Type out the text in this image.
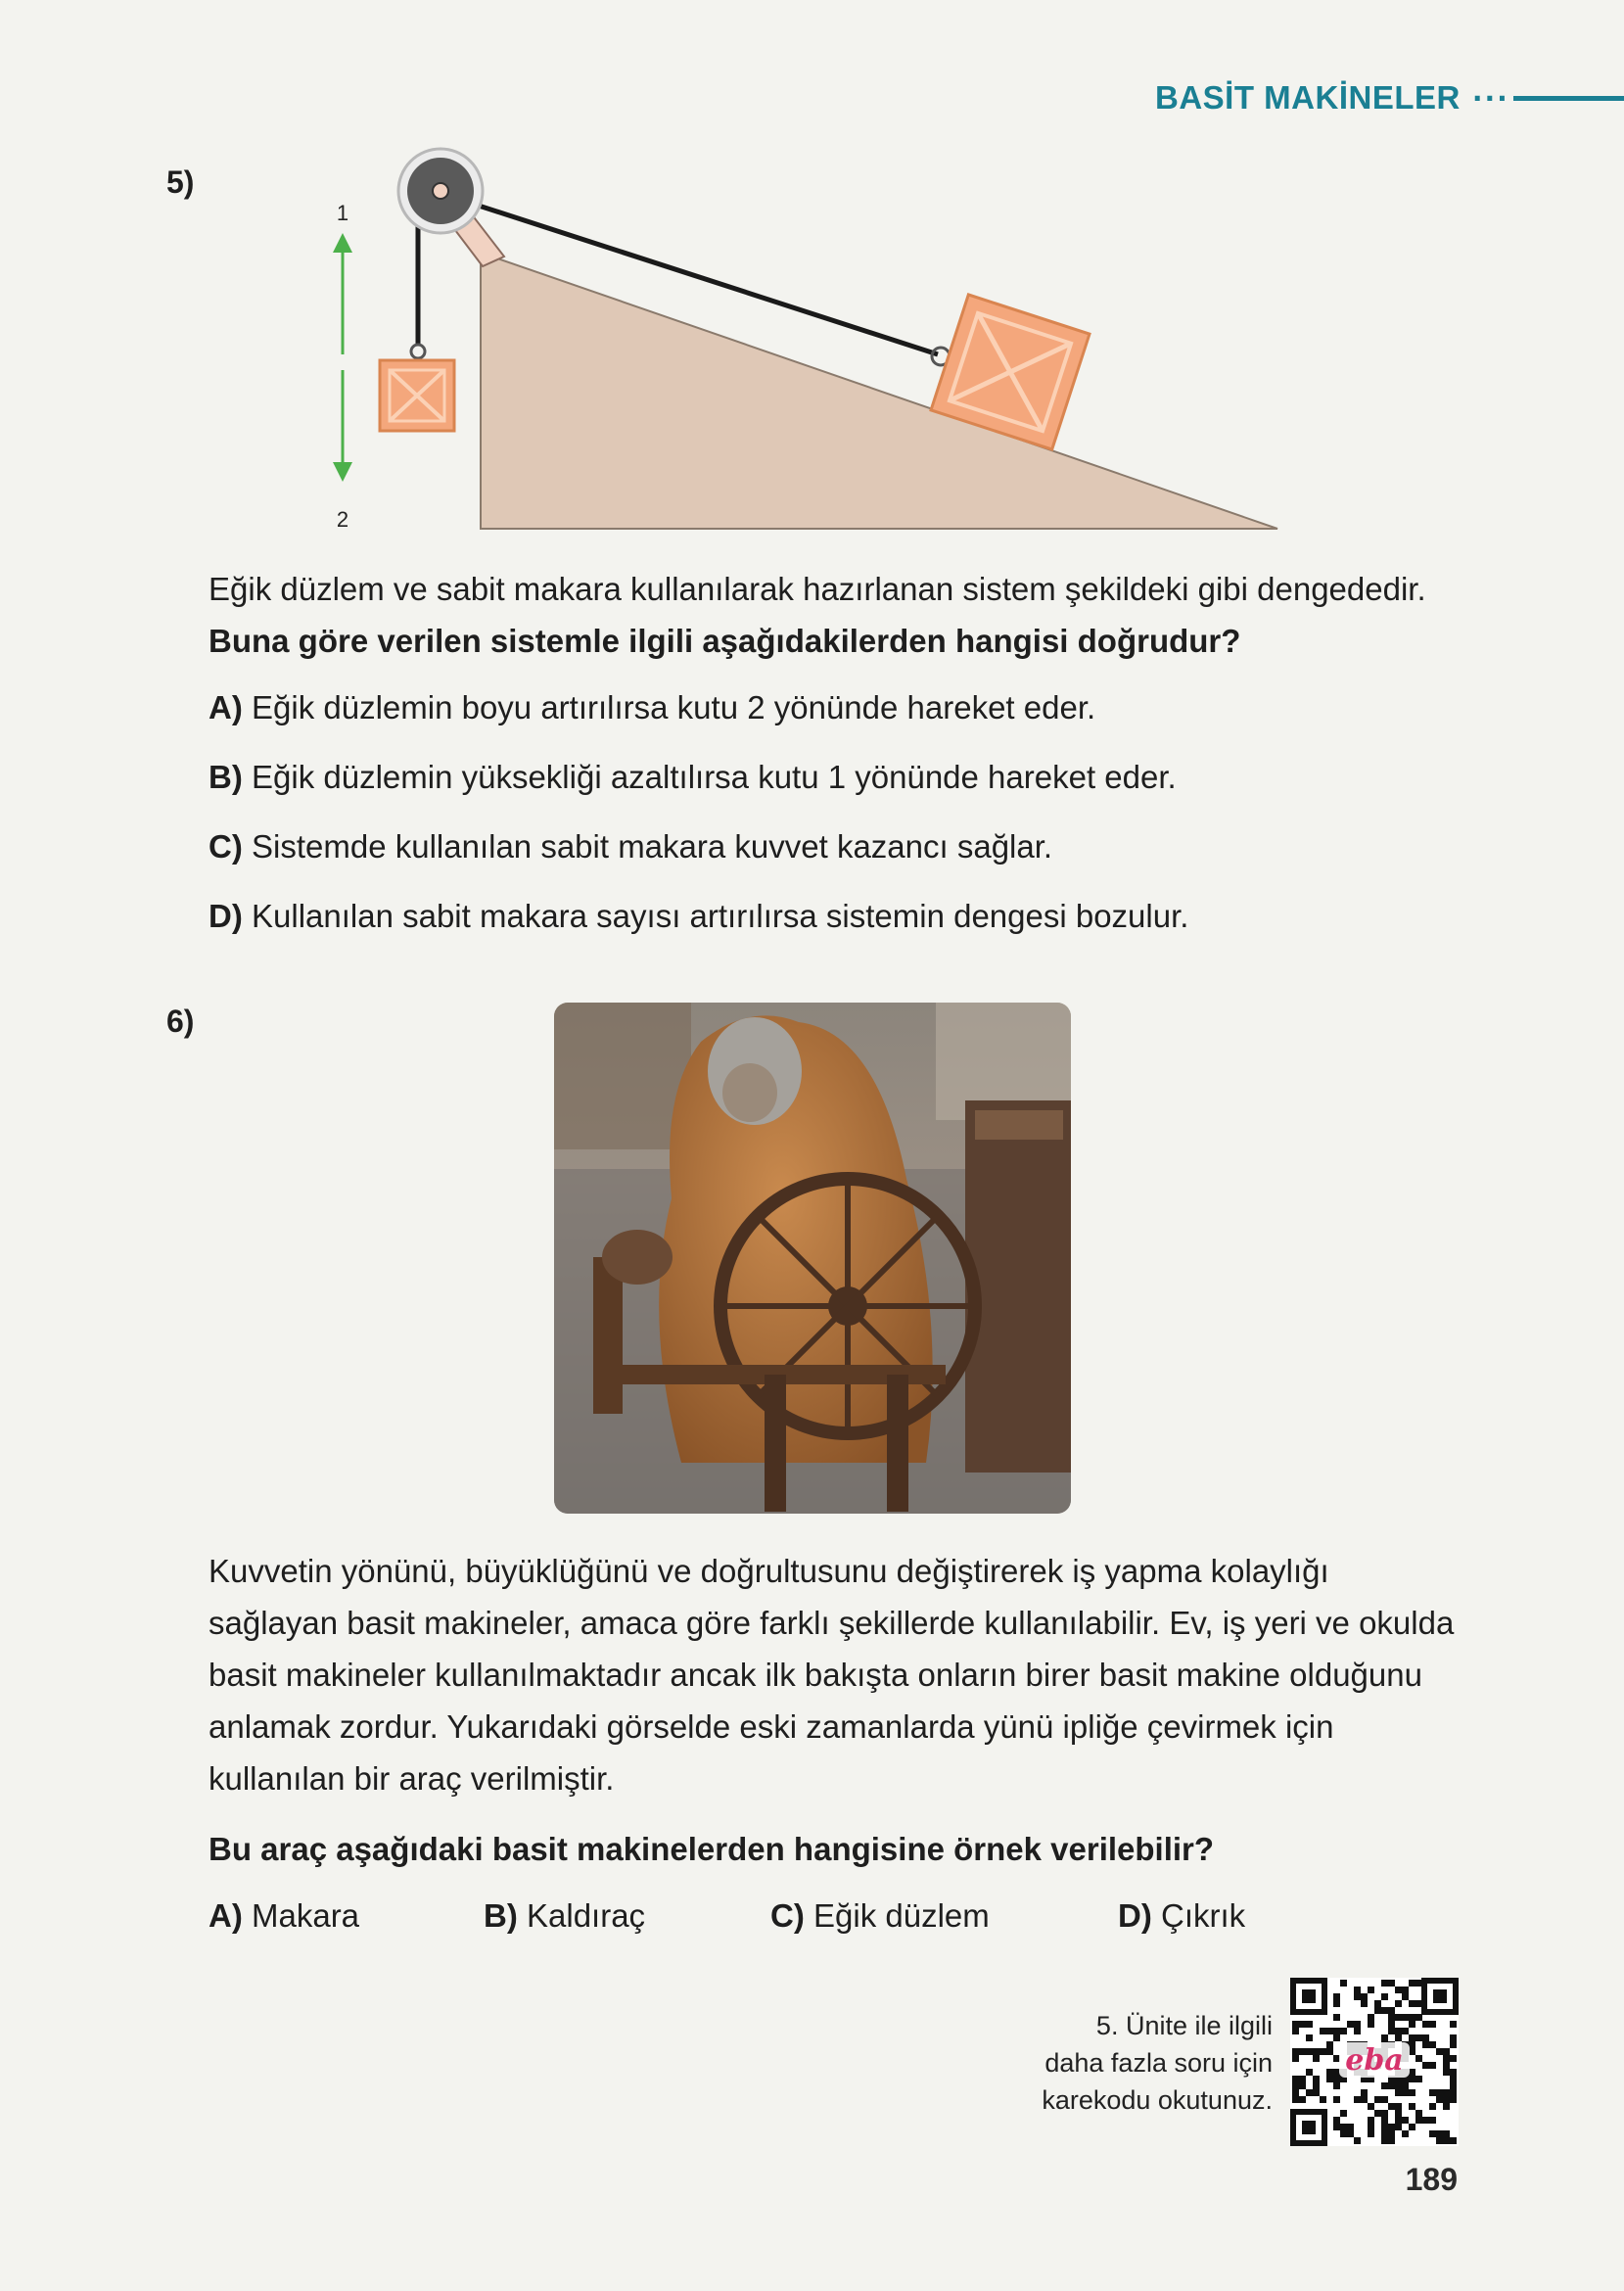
BASİT MAKİNELER ···
5)
1
2
Eğik düzlem ve sabit makara kullanılarak hazırlanan sistem şekildeki gibi dengededir.
Buna göre verilen sistemle ilgili aşağıdakilerden hangisi doğrudur?
A) Eğik düzlemin boyu artırılırsa kutu 2 yönünde hareket eder.
B) Eğik düzlemin yüksekliği azaltılırsa kutu 1 yönünde hareket eder.
C) Sistemde kullanılan sabit makara kuvvet kazancı sağlar.
D) Kullanılan sabit makara sayısı artırılırsa sistemin dengesi bozulur.
6)
Kuvvetin yönünü, büyüklüğünü ve doğrultusunu değiştirerek iş yapma kolaylığı sağlayan basit makineler, amaca göre farklı şekillerde kullanılabilir. Ev, iş yeri ve okulda basit makineler kullanılmaktadır ancak ilk bakışta onların birer basit makine olduğunu anlamak zordur. Yukarıdaki görselde eski zamanlarda yünü ipliğe çevirmek için kullanılan bir araç verilmiştir.
Bu araç aşağıdaki basit makinelerden hangisine örnek verilebilir?
A) Makara	B) Kaldıraç	C) Eğik düzlem	D) Çıkrık
5. Ünite ile ilgili
daha fazla soru için
karekodu okutunuz.
eba
189
